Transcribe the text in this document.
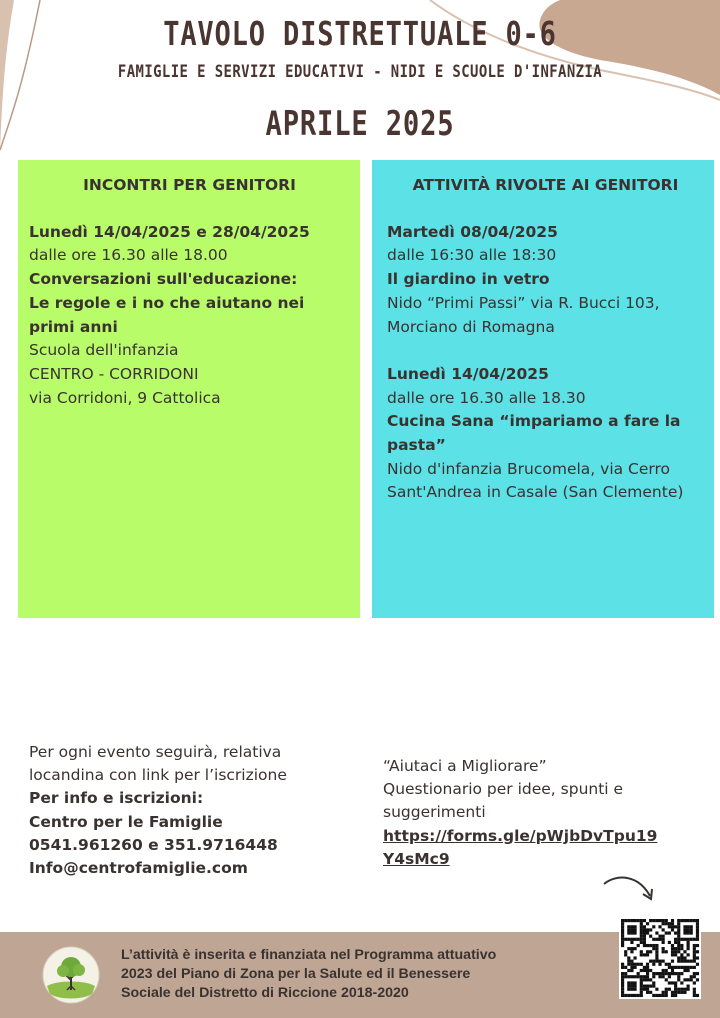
TAVOLO DISTRETTUALE 0-6
FAMIGLIE E SERVIZI EDUCATIVI - NIDI E SCUOLE D'INFANZIA
APRILE 2025
INCONTRI PER GENITORI
Lunedì 14/04/2025 e 28/04/2025
dalle ore 16.30 alle 18.00
Conversazioni sull'educazione:
Le regole e i no che aiutano nei primi anni
Scuola dell'infanzia
CENTRO - CORRIDONI
via Corridoni, 9 Cattolica
ATTIVITÀ RIVOLTE AI GENITORI
Martedì 08/04/2025
dalle 16:30 alle 18:30
Il giardino in vetro
Nido “Primi Passi” via R. Bucci 103, Morciano di Romagna
Lunedì 14/04/2025
dalle ore 16.30 alle 18.30
Cucina Sana “impariamo a fare la pasta”
Nido d'infanzia Brucomela, via Cerro Sant'Andrea in Casale (San Clemente)
Per ogni evento seguirà, relativa locandina con link per l’iscrizione
Per info e iscrizioni:
Centro per le Famiglie
0541.961260 e 351.9716448
Info@centrofamiglie.com
“Aiutaci a Migliorare”
Questionario per idee, spunti e suggerimenti
https://forms.gle/pWjbDvTpu19
Y4sMc9
L’attività è inserita e finanziata nel Programma attuativo
2023 del Piano di Zona per la Salute ed il Benessere
Sociale del Distretto di Riccione 2018-2020
